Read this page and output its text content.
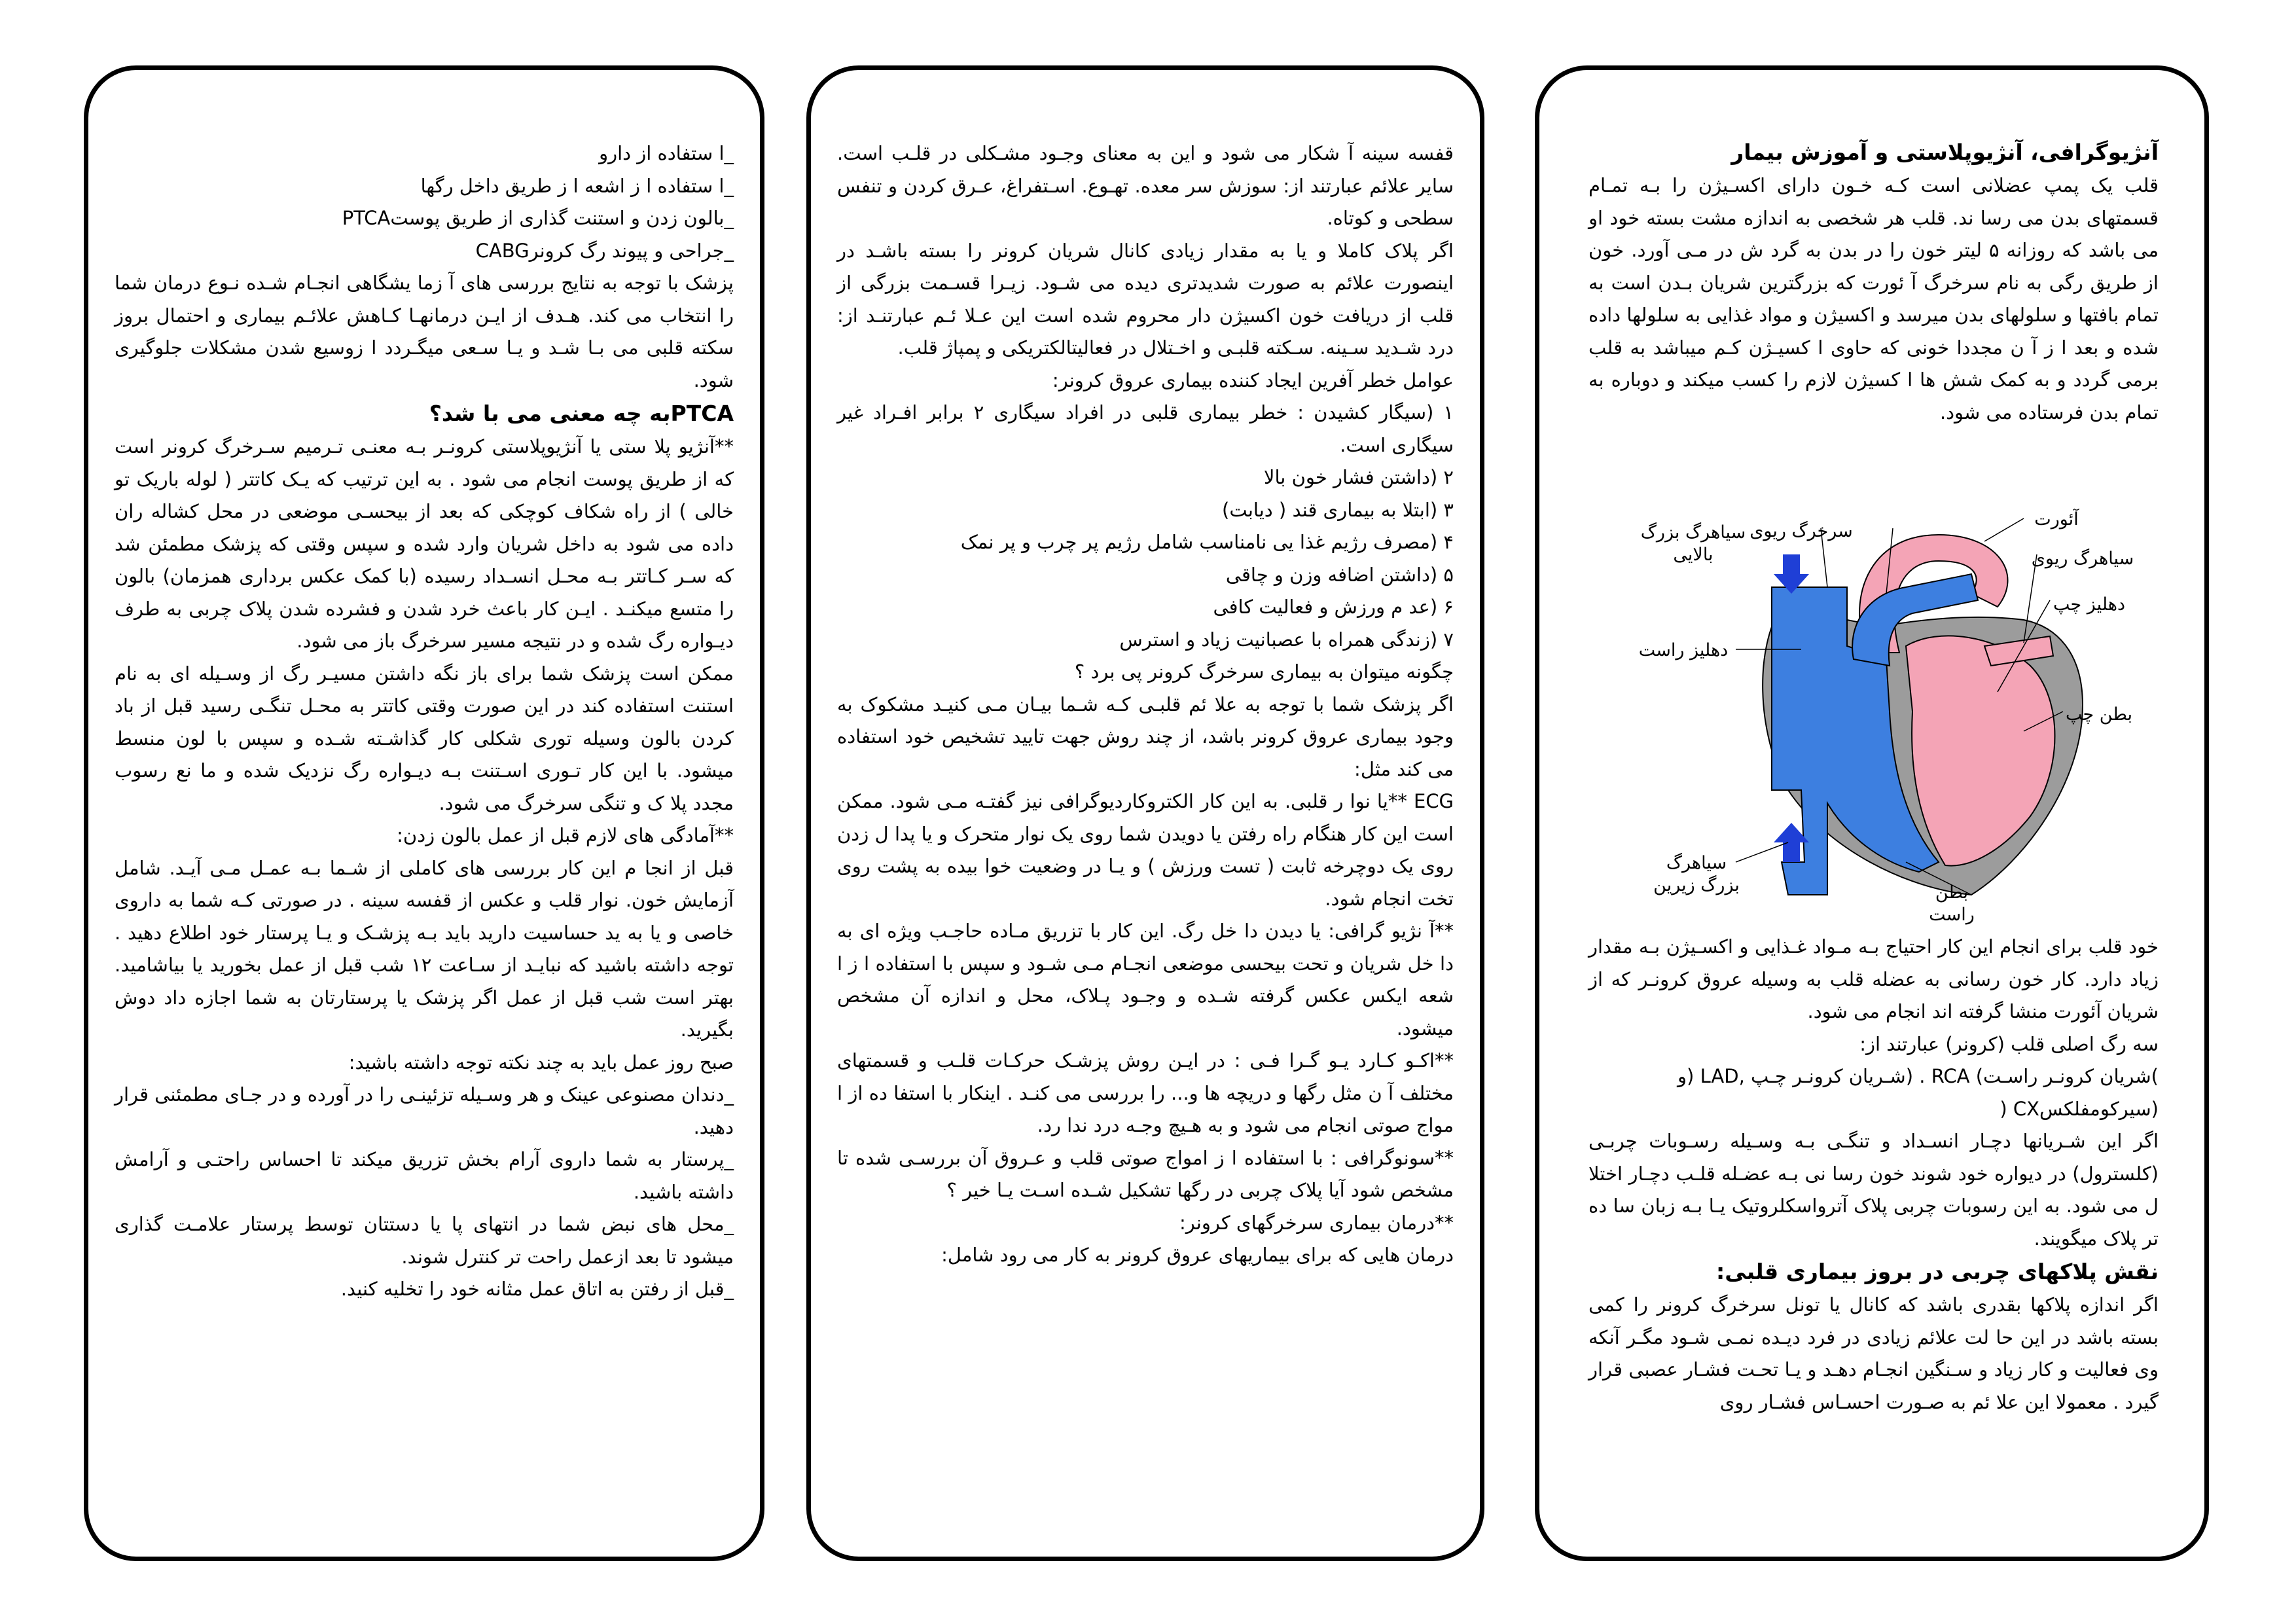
آنژیوگرافی، آنژیوپلاستی و آموزش بیمار

قلب یک پمپ عضلانی است کـه خـون دارای اکسـیژن را بـه تمـام قسمتهای بدن می رسا ند. قلب هر شخصی به اندازه مشت بسته خود او می باشد که روزانه ۵ لیتر خون را در بدن به گرد ش در مـی آورد. خون از طریق رگی به نام سرخرگ آ ئورت که بزرگترین شریان بـدن است به تمام بافتها و سلولهای بدن میرسد و اکسیژن و مواد غذایی به سلولها داده شده و بعد ا ز آ ن مجددا خونی که حاوی ا کسیـژن کـم میباشد به قلب برمی گردد و به کمک شش ها ا کسیژن لازم را کسب میکند و دوباره به تمام بدن فرستاده می شود.

سیاهرگ بزرگ بالایی
سرخرگ ریوی
آئورت
سیاهرگ ریوی
دهلیز چپ
دهلیز راست
بطن چپ
سیاهرگ بزرگ زیرین	بطن راست

خود قلب برای انجام این کار احتیاج بـه مـواد غـذایی و اکسـیژن بـه مقدار زیاد دارد. کار خون رسانی به عضله قلب به وسیله عروق کرونـر که از شریان آئورت منشا گرفته اند انجام می شود.

سه رگ اصلی قلب (کرونر) عبارتند از:

)شریان کرونـر راسـت) RCA . (شـریان کرونـر چـپ ,LAD (و

(سیرکومفلکسCX (

اگر این شـریانها دچـار انسـداد و تنگـی بـه وسـیله رسـوبات چربـی (کلسترول) در دیواره خود شوند خون رسا نی بـه عضـله قلـب دچـار اختلا ل می شود. به این رسوبات چربی پلاک آترواسکلروتیک یـا بـه زبان سا ده تر پلاک میگویند.

نقش پلاکهای چربی در بروز بیماری قلبی:

اگر اندازه پلاکها بقدری باشد که کانال یا تونل سرخرگ کرونر را کمی بسته باشد در این حا لت علائم زیادی در فرد دیـده نمـی شـود مگـر آنکه وی فعالیت و کار زیاد و سـنگین انجـام دهـد و یـا تحـت فشـار عصبی قرار گیرد . معمولا این علا ئم به صـورت احسـاس فشـار روی

قفسه سینه آ شکار می شود و این به معنای وجـود مشـکلی در قلـب است. سایر علائم عبارتند از: سوزش سر معده. تهـوع. اسـتفراغ، عـرق کردن و تنفس سطحی و کوتاه.

اگر پلاک کاملا و یا به مقدار زیادی کانال شریان کرونر را بسته باشـد در اینصورت علائم به صورت شدیدتری دیده می شـود. زیـرا قسـمت بزرگی از قلب از دریافت خون اکسیژن دار محروم شده است این عـلا ئـم عبارتنـد از: درد شـدید سـینه. سـکته قلبـی و اخـتلال در فعالیتالکتریکی و پمپاژ قلب.

عوامل خطر آفرین ایجاد کننده بیماری عروق کرونر:

١ (سیگار کشیدن : خطر بیماری قلبی در افراد سیگاری ٢ برابر افـراد غیر سیگاری است.

٢ (داشتن فشار خون بالا

٣ (ابتلا به بیماری قند ( دیابت)

۴ (مصرف رژیم غذا یی نامناسب شامل رژیم پر چرب و پر نمک

۵ (داشتن اضافه وزن و چاقی

۶ (عد م ورزش و فعالیت کافی

٧ (زندگی همراه با عصبانیت زیاد و استرس

چگونه میتوان به بیماری سرخرگ کرونر پی برد ؟

اگر پزشک شما با توجه به علا ئم قلبـی کـه شـما بیـان مـی کنیـد مشکوک به وجود بیماری عروق کرونر باشد، از چند روش جهت تایید تشخیص خود استفاده می کند مثل:

ECG **یا نوا ر قلبی. به این کار الکتروکاردیوگرافی نیز گفتـه مـی شود. ممکن است این کار هنگام راه رفتن یا دویدن شما روی یک نوار متحرک و یا پدا ل زدن روی یک دوچرخه ثابت ( تست ورزش ) و یـا در وضعیت خوا بیده به پشت روی تخت انجام شود.

**آ نژیو گرافی: یا دیدن دا خل رگ. این کار با تزریق مـاده حاجـب ویژه ای به دا خل شریان و تحت بیحسی موضعی انجـام مـی شـود و سپس با استفاده ا ز ا شعه ایکس عکس گرفته شـده و وجـود پـلاک، محل و اندازه آن مشخص میشود.

**اکـو کـارد یـو گـرا فـی : در ایـن روش پزشـک حرکـات قلـب و قسمتهای مختلف آ ن مثل رگها و دریچه ها و... را بررسی می کنـد . اینکار با استفا ده از ا مواج صوتی انجام می شود و به هـیچ وجـه درد ندا رد.

**سونوگرافی : با استفاده ا ز امواج صوتی قلب و عـروق آن بررسـی شده تا مشخص شود آیا پلاک چربی در رگها تشکیل شـده اسـت یـا خیر ؟

**درمان بیماری سرخرگهای کرونر:

درمان هایی که برای بیماریهای عروق کرونر به کار می رود شامل:

_ا ستفاده از دارو

_ا ستفاده ا ز اشعه ا ز طریق داخل رگها

_بالون زدن و استنت گذاری از طریق پوستPTCA

_جراحی و پیوند رگ کرونرCABG

پزشک با توجه به نتایج بررسی های آ زما یشگاهی انجـام شـده نـوع درمان شما را انتخاب می کند. هـدف از ایـن درمانهـا کـاهش علائـم بیماری و احتمال بروز سکته قلبی می بـا شـد و یـا سـعی میگـردد ا زوسیع شدن مشکلات جلوگیری شود.

PTCAبه چه معنی می با شد؟

**آنژیو پلا ستی یا آنژیوپلاستی کرونـر بـه معنـی تـرمیم سـرخرگ کرونر است که از طریق پوست انجام می شود . به این ترتیب که یـک کاتتر ( لوله باریک تو خالی ) از راه شکاف کوچکی که بعد از بیحسـی موضعی در محل کشاله ران داده می شود به داخل شریان وارد شده و سپس وقتی که پزشک مطمئن شد که سـر کـاتتر بـه محـل انسـداد رسیده (با کمک عکس برداری همزمان) بالون را متسع میکنـد . ایـن کار باعث خرد شدن و فشرده شدن پلاک چربی به طرف دیـواره رگ شده و در نتیجه مسیر سرخرگ باز می شود.

ممکن است پزشک شما برای باز نگه داشتن مسیـر رگ از وسـیله ای به نام استنت استفاده کند در این صورت وقتی کاتتر به محـل تنگـی رسید قبل از باد کردن بالون وسیله توری شکلی کار گذاشـته شـده و سپس با لون منسط میشود. با این کار تـوری اسـتنت بـه دیـواره رگ نزدیک شده و ما نع رسوب مجدد پلا ک و تنگی سرخرگ می شود.

**آمادگی های لازم قبل از عمل بالون زدن:

قبل از انجا م این کار بررسی های کاملی از شـما بـه عمـل مـی آیـد. شامل آزمایش خون. نوار قلب و عکس از قفسه سینه . در صورتی کـه شما به داروی خاصی و یا به ید حساسیت دارید باید بـه پزشـک و یـا پرستار خود اطلاع دهید . توجه داشته باشید که نبایـد از سـاعت ١٢ شب قبل از عمل بخورید یا بیاشامید. بهتر است شب قبل از عمل اگر پزشک یا پرستارتان به شما اجازه داد دوش بگیرید.

صبح روز عمل باید به چند نکته توجه داشته باشید:

_دندان مصنوعی عینک و هر وسـیله تزئینـی را در آورده و در جـای مطمئنی قرار دهید.

_پرستار به شما داروی آرام بخش تزریق میکند تا احساس راحتـی و آرامش داشته باشید.

_محل های نبض شما در انتهای پا یا دستتان توسط پرستار علامـت گذاری میشود تا بعد ازعمل راحت تر کنترل شوند.

_قبل از رفتن به اتاق عمل مثانه خود را تخلیه کنید.
